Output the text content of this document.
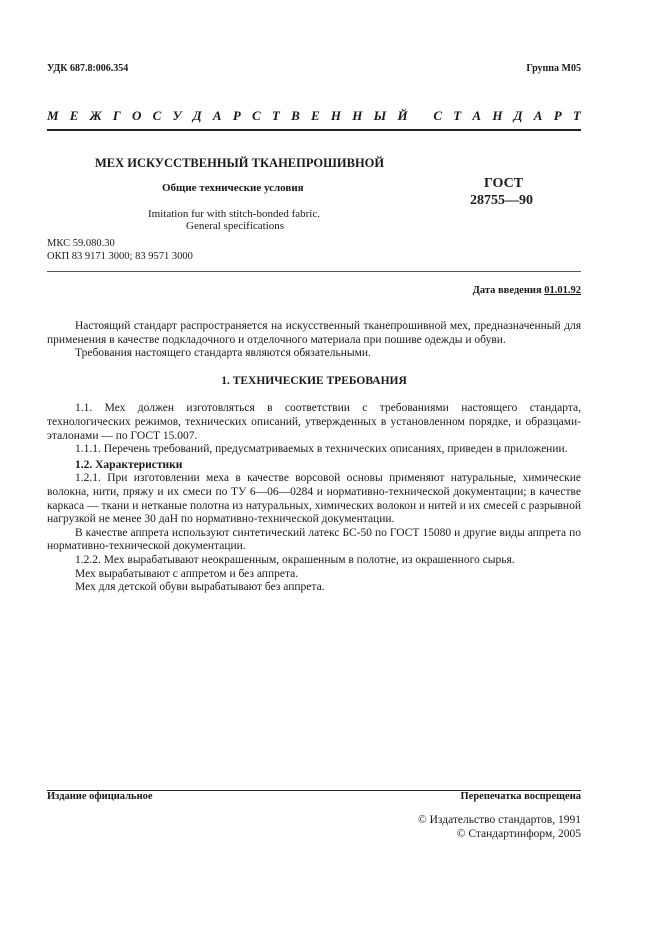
УДК 687.8:006.354	Группа М05
М Е Ж Г О С У Д А Р С Т В Е Н Н Ы Й
С Т А Н Д А Р Т
МЕХ ИСКУССТВЕННЫЙ ТКАНЕПРОШИВНОЙ
Общие технические условия
Imitation fur with stitch-bonded fabric.
General specifications
ГОСТ
28755—90
МКС 59.080.30
ОКП 83 9171 3000; 83 9571 3000
Дата введения 01.01.92

Настоящий стандарт распространяется на искусственный тканепрошивной мех, предназначенный для применения в качестве подкладочного и отделочного материала при пошиве одежды и обуви.

Требования настоящего стандарта являются обязательными.

1. ТЕХНИЧЕСКИЕ ТРЕБОВАНИЯ

1.1. Мех должен изготовляться в соответствии с требованиями настоящего стандарта, технологических режимов, технических описаний, утвержденных в установленном порядке, и образцами-эталонами — по ГОСТ 15.007.

1.1.1. Перечень требований, предусматриваемых в технических описаниях, приведен в приложении.

1.2. Характеристики

1.2.1. При изготовлении меха в качестве ворсовой основы применяют натуральные, химические волокна, нити, пряжу и их смеси по ТУ 6—06—0284 и нормативно-технической документации; в качестве каркаса — ткани и нетканые полотна из натуральных, химических волокон и нитей и их смесей с разрывной нагрузкой не менее 30 даН по нормативно-технической документации.

В качестве аппрета используют синтетический латекс БС-50 по ГОСТ 15080 и другие виды аппрета по нормативно-технической документации.

1.2.2. Мех вырабатывают неокрашенным, окрашенным в полотне, из окрашенного сырья.

Мех вырабатывают с аппретом и без аппрета.

Мех для детской обуви вырабатывают без аппрета.

Издание официальное	Перепечатка воспрещена
© Издательство стандартов, 1991
© Стандартинформ, 2005
